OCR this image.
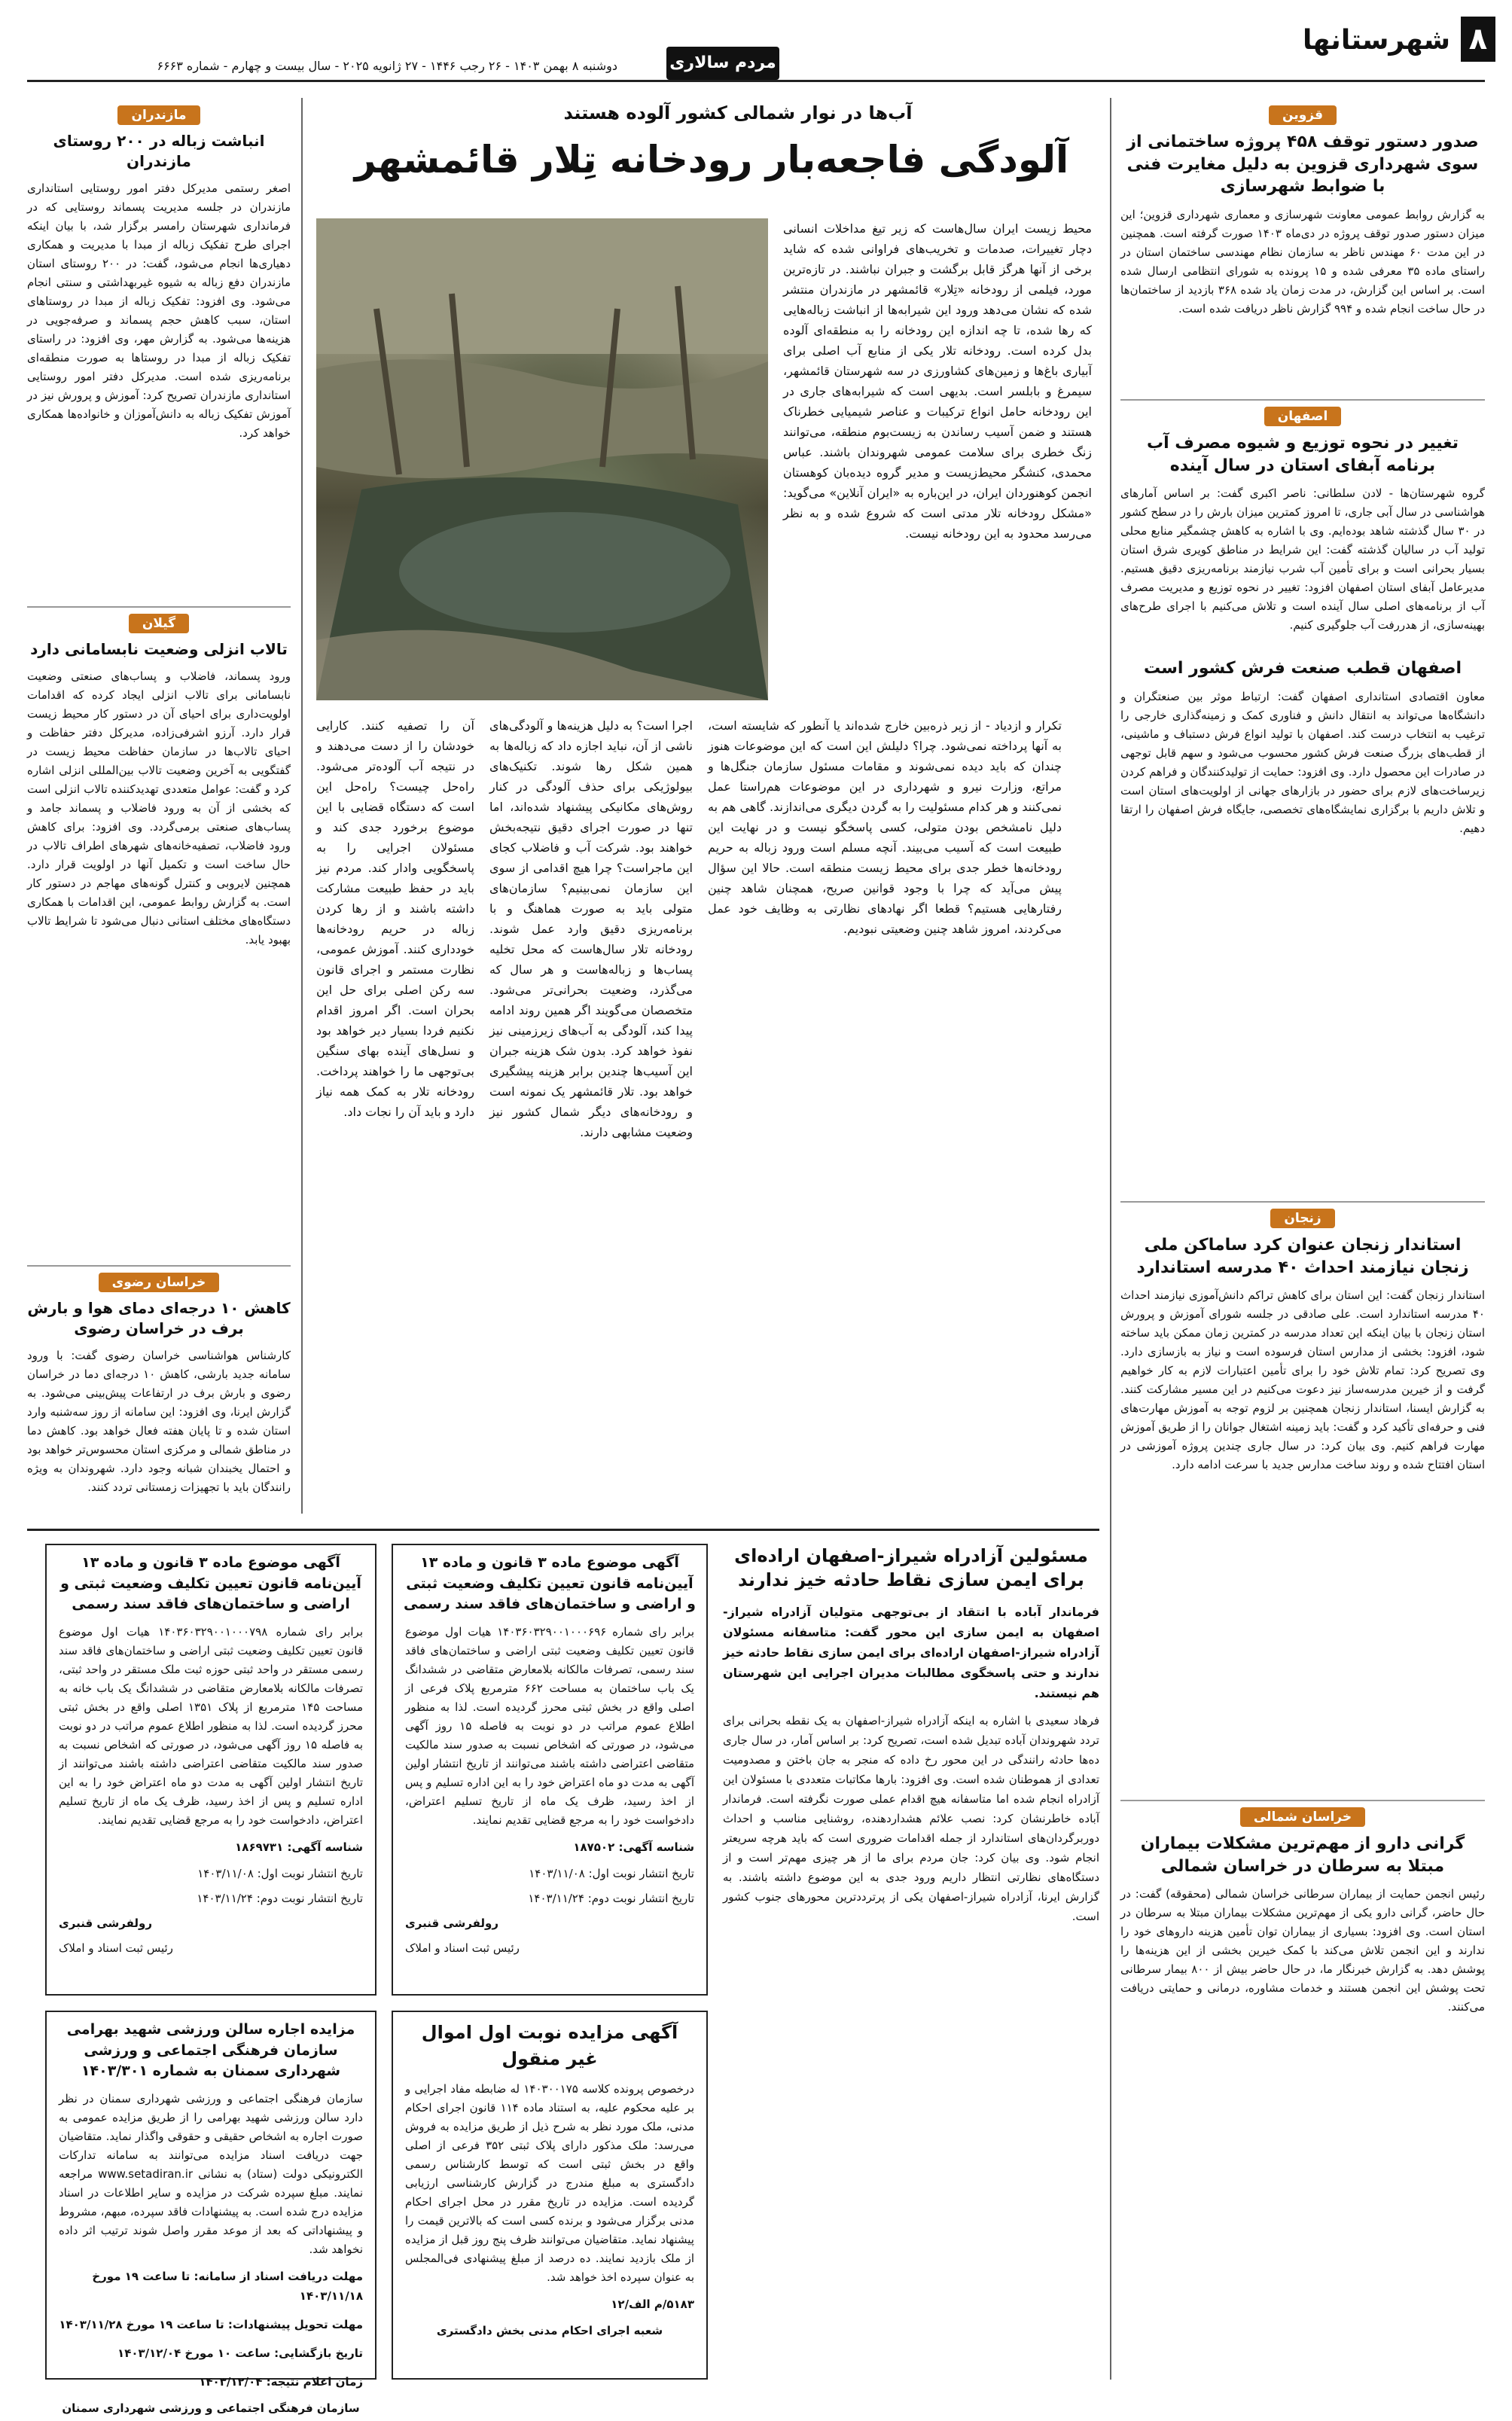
۸
شهرستانها
مردم سالاری
دوشنبه ۸ بهمن ۱۴۰۳ - ۲۶ رجب ۱۴۴۶ - ۲۷ ژانویه ۲۰۲۵ - سال بیست و چهارم - شماره ۶۶۶۳
قزوین

صدور دستور توقف ۴۵۸ پروژه ساختمانی از سوی شهرداری قزوین به دلیل مغایرت فنی با ضوابط شهرسازی

به گزارش روابط عمومی معاونت شهرسازی و معماری شهرداری قزوین؛ این میزان دستور صدور توقف پروژه در دی‌ماه ۱۴۰۳ صورت گرفته است. همچنین در این مدت ۶۰ مهندس ناظر به سازمان نظام مهندسی ساختمان استان در راستای ماده ۳۵ معرفی شده و ۱۵ پرونده به شورای انتظامی ارسال شده است. بر اساس این گزارش، در مدت زمان یاد شده ۳۶۸ بازدید از ساختمان‌ها در حال ساخت انجام شده و ۹۹۴ گزارش ناظر دریافت شده است.

اصفهان

تغییر در نحوه توزیع و شیوه مصرف آب برنامه آبفای استان در سال آینده

گروه شهرستان‌ها - لادن سلطانی: ناصر اکبری گفت: بر اساس آمارهای هواشناسی در سال آبی جاری، تا امروز کمترین میزان بارش را در سطح کشور در ۳۰ سال گذشته شاهد بوده‌ایم. وی با اشاره به کاهش چشمگیر منابع محلی تولید آب در سالیان گذشته گفت: این شرایط در مناطق کویری شرق استان بسیار بحرانی است و برای تأمین آب شرب نیازمند برنامه‌ریزی دقیق هستیم. مدیرعامل آبفای استان اصفهان افزود: تغییر در نحوه توزیع و مدیریت مصرف آب از برنامه‌های اصلی سال آینده است و تلاش می‌کنیم با اجرای طرح‌های بهینه‌سازی، از هدررفت آب جلوگیری کنیم.

اصفهان قطب صنعت فرش کشور است

معاون اقتصادی استانداری اصفهان گفت: ارتباط موثر بین صنعتگران و دانشگاه‌ها می‌تواند به انتقال دانش و فناوری کمک و زمینه‌گذاری خارجی را ترغیب به انتخاب درست کند. اصفهان با تولید انواع فرش دستباف و ماشینی، از قطب‌های بزرگ صنعت فرش کشور محسوب می‌شود و سهم قابل توجهی در صادرات این محصول دارد. وی افزود: حمایت از تولیدکنندگان و فراهم کردن زیرساخت‌های لازم برای حضور در بازارهای جهانی از اولویت‌های استان است و تلاش داریم با برگزاری نمایشگاه‌های تخصصی، جایگاه فرش اصفهان را ارتقا دهیم.

زنجان

استاندار زنجان عنوان کرد ساماکن ملی زنجان نیازمند احداث ۴۰ مدرسه استاندارد

استاندار زنجان گفت: این استان برای کاهش تراکم دانش‌آموزی نیازمند احداث ۴۰ مدرسه استاندارد است. علی صادقی در جلسه شورای آموزش و پرورش استان زنجان با بیان اینکه این تعداد مدرسه در کمترین زمان ممکن باید ساخته شود، افزود: بخشی از مدارس استان فرسوده است و نیاز به بازسازی دارد. وی تصریح کرد: تمام تلاش خود را برای تأمین اعتبارات لازم به کار خواهیم گرفت و از خیرین مدرسه‌ساز نیز دعوت می‌کنیم در این مسیر مشارکت کنند. به گزارش ایسنا، استاندار زنجان همچنین بر لزوم توجه به آموزش مهارت‌های فنی و حرفه‌ای تأکید کرد و گفت: باید زمینه اشتغال جوانان را از طریق آموزش مهارت فراهم کنیم. وی بیان کرد: در سال جاری چندین پروژه آموزشی در استان افتتاح شده و روند ساخت مدارس جدید با سرعت ادامه دارد.

خراسان شمالی

گرانی دارو از مهم‌ترین مشکلات بیماران مبتلا به سرطان در خراسان شمالی

رئیس انجمن حمایت از بیماران سرطانی خراسان شمالی (محقوقه) گفت: در حال حاضر، گرانی دارو یکی از مهم‌ترین مشکلات بیماران مبتلا به سرطان در استان است. وی افزود: بسیاری از بیماران توان تأمین هزینه داروهای خود را ندارند و این انجمن تلاش می‌کند با کمک خیرین بخشی از این هزینه‌ها را پوشش دهد. به گزارش خبرنگار ما، در حال حاضر بیش از ۸۰۰ بیمار سرطانی تحت پوشش این انجمن هستند و خدمات مشاوره، درمانی و حمایتی دریافت می‌کنند.

آب‌ها در نوار شمالی کشور آلوده هستند
آلودگی فاجعه‌بار رودخانه تِلار قائمشهر

محیط زیست ایران سال‌هاست که زیر تیغ مداخلات انسانی دچار تغییرات، صدمات و تخریب‌های فراوانی شده که شاید برخی از آنها هرگز قابل برگشت و جبران نباشند. در تازه‌ترین مورد، فیلمی از رودخانه «تِلار» قائمشهر در مازندران منتشر شده که نشان می‌دهد ورود این شیرابه‌ها از انباشت زباله‌هایی که رها شده، تا چه اندازه این رودخانه را به منطقه‌ای آلوده بدل کرده است. رودخانه تلار یکی از منابع آب اصلی برای آبیاری باغ‌ها و زمین‌های کشاورزی در سه شهرستان قائمشهر، سیمرغ و بابلسر است. بدیهی است که شیرابه‌های جاری در این رودخانه حامل انواع ترکیبات و عناصر شیمیایی خطرناک هستند و ضمن آسیب رساندن به زیست‌بوم منطقه، می‌توانند زنگ خطری برای سلامت عمومی شهروندان باشند. عباس محمدی، کنشگر محیط‌زیست و مدیر گروه دیده‌بان کوهستان انجمن کوهنوردان ایران، در این‌باره به «ایران آنلاین» می‌گوید: «مشکل رودخانه تلار مدتی است که شروع شده و به نظر می‌رسد محدود به این رودخانه نیست.

تکرار و ازدیاد - از زیر ذره‌بین خارج شده‌اند یا آنطور که شایسته است، به آنها پرداخته نمی‌شود. چرا؟ دلیلش این است که این موضوعات هنوز چندان که باید دیده نمی‌شوند و مقامات مسئول سازمان جنگل‌ها و مراتع، وزارت نیرو و شهرداری در این موضوعات هم‌راستا عمل نمی‌کنند و هر کدام مسئولیت را به گردن دیگری می‌اندازند. گاهی هم به دلیل نامشخص بودن متولی، کسی پاسخگو نیست و در نهایت این طبیعت است که آسیب می‌بیند. آنچه مسلم است ورود زباله به حریم رودخانه‌ها خطر جدی برای محیط زیست منطقه است. حالا این سؤال پیش می‌آید که چرا با وجود قوانین صریح، همچنان شاهد چنین رفتارهایی هستیم؟ قطعا اگر نهادهای نظارتی به وظایف خود عمل می‌کردند، امروز شاهد چنین وضعیتی نبودیم.

اجرا است؟ به دلیل هزینه‌ها و آلودگی‌های ناشی از آن، نباید اجازه داد که زباله‌ها به همین شکل رها شوند. تکنیک‌های بیولوژیکی برای حذف آلودگی در کنار روش‌های مکانیکی پیشنهاد شده‌اند، اما تنها در صورت اجرای دقیق نتیجه‌بخش خواهند بود. شرکت آب و فاضلاب کجای این ماجراست؟ چرا هیچ اقدامی از سوی این سازمان نمی‌بینیم؟ سازمان‌های متولی باید به صورت هماهنگ و با برنامه‌ریزی دقیق وارد عمل شوند. رودخانه تلار سال‌هاست که محل تخلیه پساب‌ها و زباله‌هاست و هر سال که می‌گذرد، وضعیت بحرانی‌تر می‌شود. متخصصان می‌گویند اگر همین روند ادامه پیدا کند، آلودگی به آب‌های زیرزمینی نیز نفوذ خواهد کرد. بدون شک هزینه جبران این آسیب‌ها چندین برابر هزینه پیشگیری خواهد بود. تلار قائمشهر یک نمونه است و رودخانه‌های دیگر شمال کشور نیز وضعیت مشابهی دارند.

آن را تصفیه کنند. کارایی خودشان را از دست می‌دهند و در نتیجه آب آلوده‌تر می‌شود. راه‌حل چیست؟ راه‌حل این است که دستگاه قضایی با این موضوع برخورد جدی کند و مسئولان اجرایی را به پاسخگویی وادار کند. مردم نیز باید در حفظ طبیعت مشارکت داشته باشند و از رها کردن زباله در حریم رودخانه‌ها خودداری کنند. آموزش عمومی، نظارت مستمر و اجرای قانون سه رکن اصلی برای حل این بحران است. اگر امروز اقدام نکنیم فردا بسیار دیر خواهد بود و نسل‌های آینده بهای سنگین بی‌توجهی ما را خواهند پرداخت. رودخانه تلار به کمک همه نیاز دارد و باید آن را نجات داد.

مازندران

انباشت زباله در ۲۰۰ روستای مازندران

اصغر رستمی مدیرکل دفتر امور روستایی استانداری مازندران در جلسه مدیریت پسماند روستایی که در فرمانداری شهرستان رامسر برگزار شد، با بیان اینکه اجرای طرح تفکیک زباله از مبدا با مدیریت و همکاری دهیاری‌ها انجام می‌شود، گفت: در ۲۰۰ روستای استان مازندران دفع زباله به شیوه غیربهداشتی و سنتی انجام می‌شود. وی افزود: تفکیک زباله از مبدا در روستاهای استان، سبب کاهش حجم پسماند و صرفه‌جویی در هزینه‌ها می‌شود. به گزارش مهر، وی افزود: در راستای تفکیک زباله از مبدا در روستاها به صورت منطقه‌ای برنامه‌ریزی شده است. مدیرکل دفتر امور روستایی استانداری مازندران تصریح کرد: آموزش و پرورش نیز در آموزش تفکیک زباله به دانش‌آموزان و خانواده‌ها همکاری خواهد کرد.

گیلان

تالاب انزلی وضعیت نابسامانی دارد

ورود پسماند، فاضلاب و پساب‌های صنعتی وضعیت نابسامانی برای تالاب انزلی ایجاد کرده که اقدامات اولویت‌داری برای احیای آن در دستور کار محیط زیست قرار دارد. آرزو اشرفی‌زاده، مدیرکل دفتر حفاظت و احیای تالاب‌ها در سازمان حفاظت محیط زیست در گفتگویی به آخرین وضعیت تالاب بین‌المللی انزلی اشاره کرد و گفت: عوامل متعددی تهدیدکننده تالاب انزلی است که بخشی از آن به ورود فاضلاب و پسماند جامد و پساب‌های صنعتی برمی‌گردد. وی افزود: برای کاهش ورود فاضلاب، تصفیه‌خانه‌های شهرهای اطراف تالاب در حال ساخت است و تکمیل آنها در اولویت قرار دارد. همچنین لایروبی و کنترل گونه‌های مهاجم در دستور کار است. به گزارش روابط عمومی، این اقدامات با همکاری دستگاه‌های مختلف استانی دنبال می‌شود تا شرایط تالاب بهبود یابد.

خراسان رضوی

کاهش ۱۰ درجه‌ای دمای هوا و بارش برف در خراسان رضوی

کارشناس هواشناسی خراسان رضوی گفت: با ورود سامانه جدید بارشی، کاهش ۱۰ درجه‌ای دما در خراسان رضوی و بارش برف در ارتفاعات پیش‌بینی می‌شود. به گزارش ایرنا، وی افزود: این سامانه از روز سه‌شنبه وارد استان شده و تا پایان هفته فعال خواهد بود. کاهش دما در مناطق شمالی و مرکزی استان محسوس‌تر خواهد بود و احتمال یخبندان شبانه وجود دارد. شهروندان به ویژه رانندگان باید با تجهیزات زمستانی تردد کنند.

مسئولین آزادراه شیراز-اصفهان اراده‌ای برای ایمن سازی نقاط حادثه خیز ندارند

فرماندار آباده با انتقاد از بی‌توجهی متولیان آزادراه شیراز-اصفهان به ایمن سازی این محور گفت: متاسفانه مسئولان آزادراه شیراز-اصفهان اراده‌ای برای ایمن سازی نقاط حادثه خیز ندارند و حتی پاسخگوی مطالبات مدیران اجرایی این شهرستان هم نیستند.

فرهاد سعیدی با اشاره به اینکه آزادراه شیراز-اصفهان به یک نقطه بحرانی برای تردد شهروندان آباده تبدیل شده است، تصریح کرد: بر اساس آمار، در سال جاری ده‌ها حادثه رانندگی در این محور رخ داده که منجر به جان باختن و مصدومیت تعدادی از هموطنان شده است. وی افزود: بارها مکاتبات متعددی با مسئولان این آزادراه انجام شده اما متاسفانه هیچ اقدام عملی صورت نگرفته است. فرماندار آباده خاطرنشان کرد: نصب علائم هشداردهنده، روشنایی مناسب و احداث دوربرگردان‌های استاندارد از جمله اقدامات ضروری است که باید هرچه سریعتر انجام شود. وی بیان کرد: جان مردم برای ما از هر چیزی مهم‌تر است و از دستگاه‌های نظارتی انتظار داریم ورود جدی به این موضوع داشته باشند. به گزارش ایرنا، آزادراه شیراز-اصفهان یکی از پرترددترین محورهای جنوب کشور است.

آگهی موضوع ماده ۳ قانون و ماده ۱۳ آیین‌نامه قانون تعیین تکلیف وضعیت ثبتی و اراضی و ساختمان‌های فاقد سند رسمی
برابر رای شماره ۱۴۰۳۶۰۳۲۹۰۰۱۰۰۰۶۹۶ هیات اول موضوع قانون تعیین تکلیف وضعیت ثبتی اراضی و ساختمان‌های فاقد سند رسمی، تصرفات مالکانه بلامعارض متقاضی در ششدانگ یک باب ساختمان به مساحت ۶۶۲ مترمربع پلاک فرعی از اصلی واقع در بخش ثبتی محرز گردیده است. لذا به منظور اطلاع عموم مراتب در دو نوبت به فاصله ۱۵ روز آگهی می‌شود، در صورتی که اشخاص نسبت به صدور سند مالکیت متقاضی اعتراضی داشته باشند می‌توانند از تاریخ انتشار اولین آگهی به مدت دو ماه اعتراض خود را به این اداره تسلیم و پس از اخذ رسید، ظرف یک ماه از تاریخ تسلیم اعتراض، دادخواست خود را به مرجع قضایی تقدیم نمایند.
شناسه آگهی: ۱۸۷۵۰۲
تاریخ انتشار نوبت اول: ۱۴۰۳/۱۱/۰۸
تاریخ انتشار نوبت دوم: ۱۴۰۳/۱۱/۲۴
رولفرشی قنبری
رئیس ثبت اسناد و املاک
آگهی موضوع ماده ۳ قانون و ماده ۱۳ آیین‌نامه قانون تعیین تکلیف وضعیت ثبتی و اراضی و ساختمان‌های فاقد سند رسمی
برابر رای شماره ۱۴۰۳۶۰۳۲۹۰۰۱۰۰۰۷۹۸ هیات اول موضوع قانون تعیین تکلیف وضعیت ثبتی اراضی و ساختمان‌های فاقد سند رسمی مستقر در واحد ثبتی حوزه ثبت ملک مستقر در واحد ثبتی، تصرفات مالکانه بلامعارض متقاضی در ششدانگ یک باب خانه به مساحت ۱۴۵ مترمربع از پلاک ۱۳۵۱ اصلی واقع در بخش ثبتی محرز گردیده است. لذا به منظور اطلاع عموم مراتب در دو نوبت به فاصله ۱۵ روز آگهی می‌شود، در صورتی که اشخاص نسبت به صدور سند مالکیت متقاضی اعتراضی داشته باشند می‌توانند از تاریخ انتشار اولین آگهی به مدت دو ماه اعتراض خود را به این اداره تسلیم و پس از اخذ رسید، ظرف یک ماه از تاریخ تسلیم اعتراض، دادخواست خود را به مرجع قضایی تقدیم نمایند.
شناسه آگهی: ۱۸۶۹۷۳۱
تاریخ انتشار نوبت اول: ۱۴۰۳/۱۱/۰۸
تاریخ انتشار نوبت دوم: ۱۴۰۳/۱۱/۲۴
رولفرشی قنبری
رئیس ثبت اسناد و املاک
آگهی مزایده نوبت اول اموال غیر منقول
درخصوص پرونده کلاسه ۱۴۰۳۰۰۱۷۵ له ضابطه مفاد اجرایی و بر علیه محکوم علیه، به استناد ماده ۱۱۴ قانون اجرای احکام مدنی، ملک مورد نظر به شرح ذیل از طریق مزایده به فروش می‌رسد: ملک مذکور دارای پلاک ثبتی ۳۵۲ فرعی از اصلی واقع در بخش ثبتی است که توسط کارشناس رسمی دادگستری به مبلغ مندرج در گزارش کارشناسی ارزیابی گردیده است. مزایده در تاریخ مقرر در محل اجرای احکام مدنی برگزار می‌شود و برنده کسی است که بالاترین قیمت را پیشنهاد نماید. متقاضیان می‌توانند ظرف پنج روز قبل از مزایده از ملک بازدید نمایند. ده درصد از مبلغ پیشنهادی فی‌المجلس به عنوان سپرده اخذ خواهد شد.
۵۱۸۳/م الف/۱۲
شعبه اجرای احکام مدنی بخش دادگستری
مزایده اجاره سالن ورزشی شهید بهرامی سازمان فرهنگی اجتماعی و ورزشی شهرداری سمنان به شماره ۱۴۰۳/۳۰۱
سازمان فرهنگی اجتماعی و ورزشی شهرداری سمنان در نظر دارد سالن ورزشی شهید بهرامی را از طریق مزایده عمومی به صورت اجاره به اشخاص حقیقی و حقوقی واگذار نماید. متقاضیان جهت دریافت اسناد مزایده می‌توانند به سامانه تدارکات الکترونیکی دولت (ستاد) به نشانی www.setadiran.ir مراجعه نمایند. مبلغ سپرده شرکت در مزایده و سایر اطلاعات در اسناد مزایده درج شده است. به پیشنهادات فاقد سپرده، مبهم، مشروط و پیشنهاداتی که بعد از موعد مقرر واصل شوند ترتیب اثر داده نخواهد شد.
مهلت دریافت اسناد از سامانه: تا ساعت ۱۹ مورخ ۱۴۰۳/۱۱/۱۸
مهلت تحویل پیشنهادات: تا ساعت ۱۹ مورخ ۱۴۰۳/۱۱/۲۸
تاریخ بازگشایی: ساعت ۱۰ مورخ ۱۴۰۳/۱۲/۰۴
زمان اعلام نتیجه: ۱۴۰۳/۱۲/۰۴
سازمان فرهنگی اجتماعی و ورزشی شهرداری سمنان
